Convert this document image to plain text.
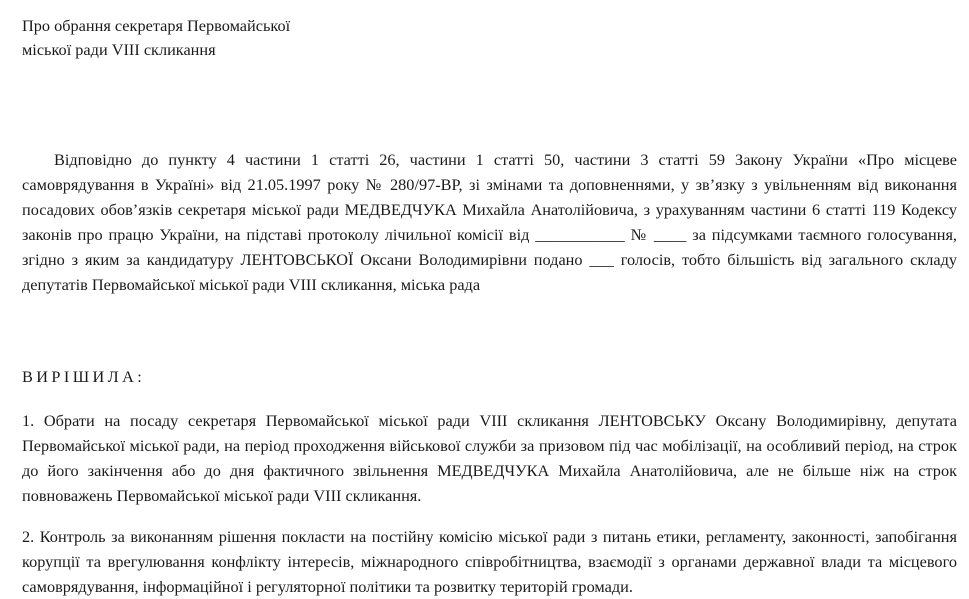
Про обрання секретаря Первомайської

міської ради VIII скликання

Відповідно до пункту 4 частини 1 статті 26, частини 1 статті 50, частини 3 статті 59 Закону України «Про місцеве самоврядування в Україні» від 21.05.1997 року № 280/97-ВР, зі змінами та доповненнями, у зв’язку з увільненням від виконання посадових обов’язків секретаря міської ради МЕДВЕДЧУКА Михайла Анатолійовича, з урахуванням частини 6 статті 119 Кодексу законів про працю України, на підставі протоколу лічильної комісії від ___________ № ____ за підсумками таємного голосування, згідно з яким за кандидатуру ЛЕНТОВСЬКОЇ Оксани Володимирівни подано ___ голосів, тобто більшість від загального складу депутатів Первомайської міської ради VIII скликання, міська рада

ВИРІШИЛА:

1. Обрати на посаду секретаря Первомайської міської ради VIII скликання ЛЕНТОВСЬКУ Оксану Володимирівну, депутата Первомайської міської ради, на період проходження військової служби за призовом під час мобілізації, на особливий період, на строк до його закінчення або до дня фактичного звільнення МЕДВЕДЧУКА Михайла Анатолійовича, але не більше ніж на строк повноважень Первомайської міської ради VIII скликання.

2. Контроль за виконанням рішення покласти на постійну комісію міської ради з питань етики, регламенту, законності, запобігання корупції та врегулювання конфлікту інтересів, міжнародного співробітництва, взаємодії з органами державної влади та місцевого самоврядування, інформаційної і регуляторної політики та розвитку територій громади.
